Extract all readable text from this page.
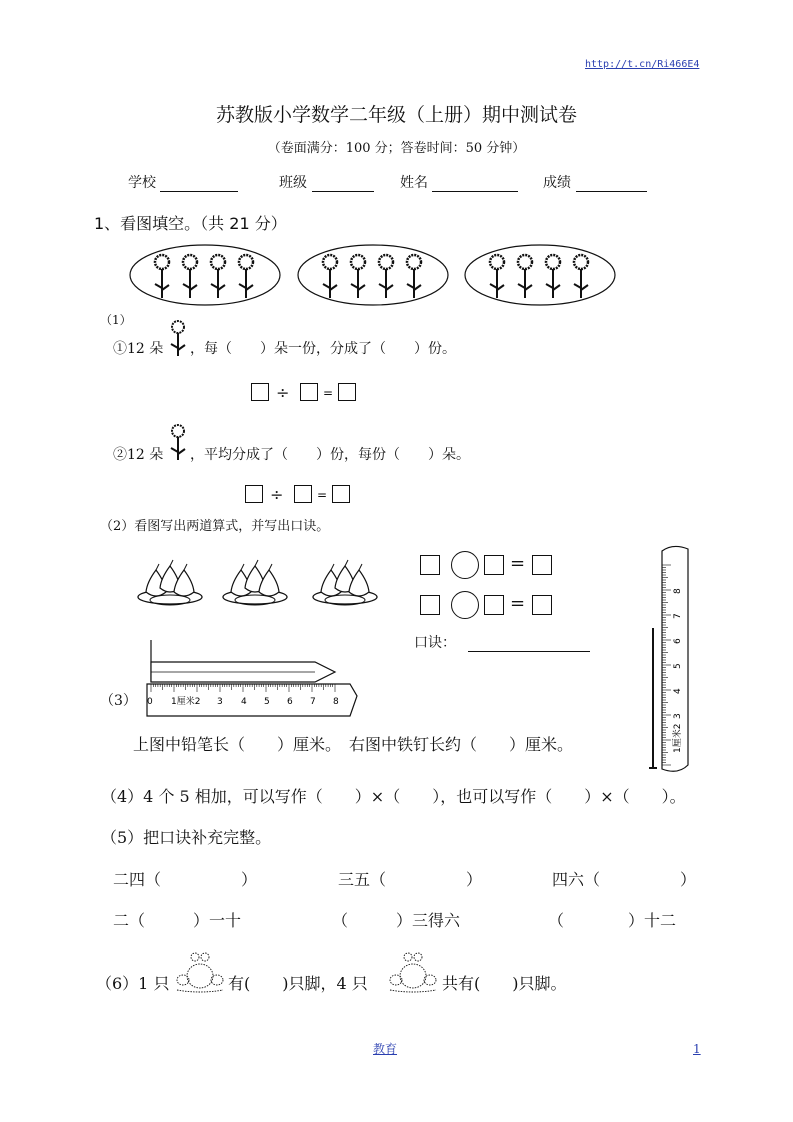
http://t.cn/Ri466E4
苏教版小学数学二年级（上册）期中测试卷
（卷面满分：100 分；答卷时间：50 分钟）
学校	班级	姓名	成绩
1、看图填空。（共 21 分）
（1）
①12 朵 ，每（　　）朵一份，分成了（　　）份。
÷	=
②12 朵 ，平均分成了（　　）份，每份（　　）朵。
÷	=
（2）看图写出两道算式，并写出口诀。
=
=
口诀：
3
4
5
6
7
8
1厘米2
（3） 0 1厘米2 3 4 5 6 7 8
上图中铅笔长（　　）厘米。　右图中铁钉长约（　　）厘米。
（4）4 个 5 相加，可以写作（　　）×（　　），也可以写作（　　）×（　　）。
（5）把口诀补充完整。
二四（　　　　　）	三五（　　　　　）	四六（　　　　　）
二（　　　）一十	（　　　）三得六	（　　　　）十二
（6）1 只	有(　　)只脚，4 只	共有(　　)只脚。
教育	1
